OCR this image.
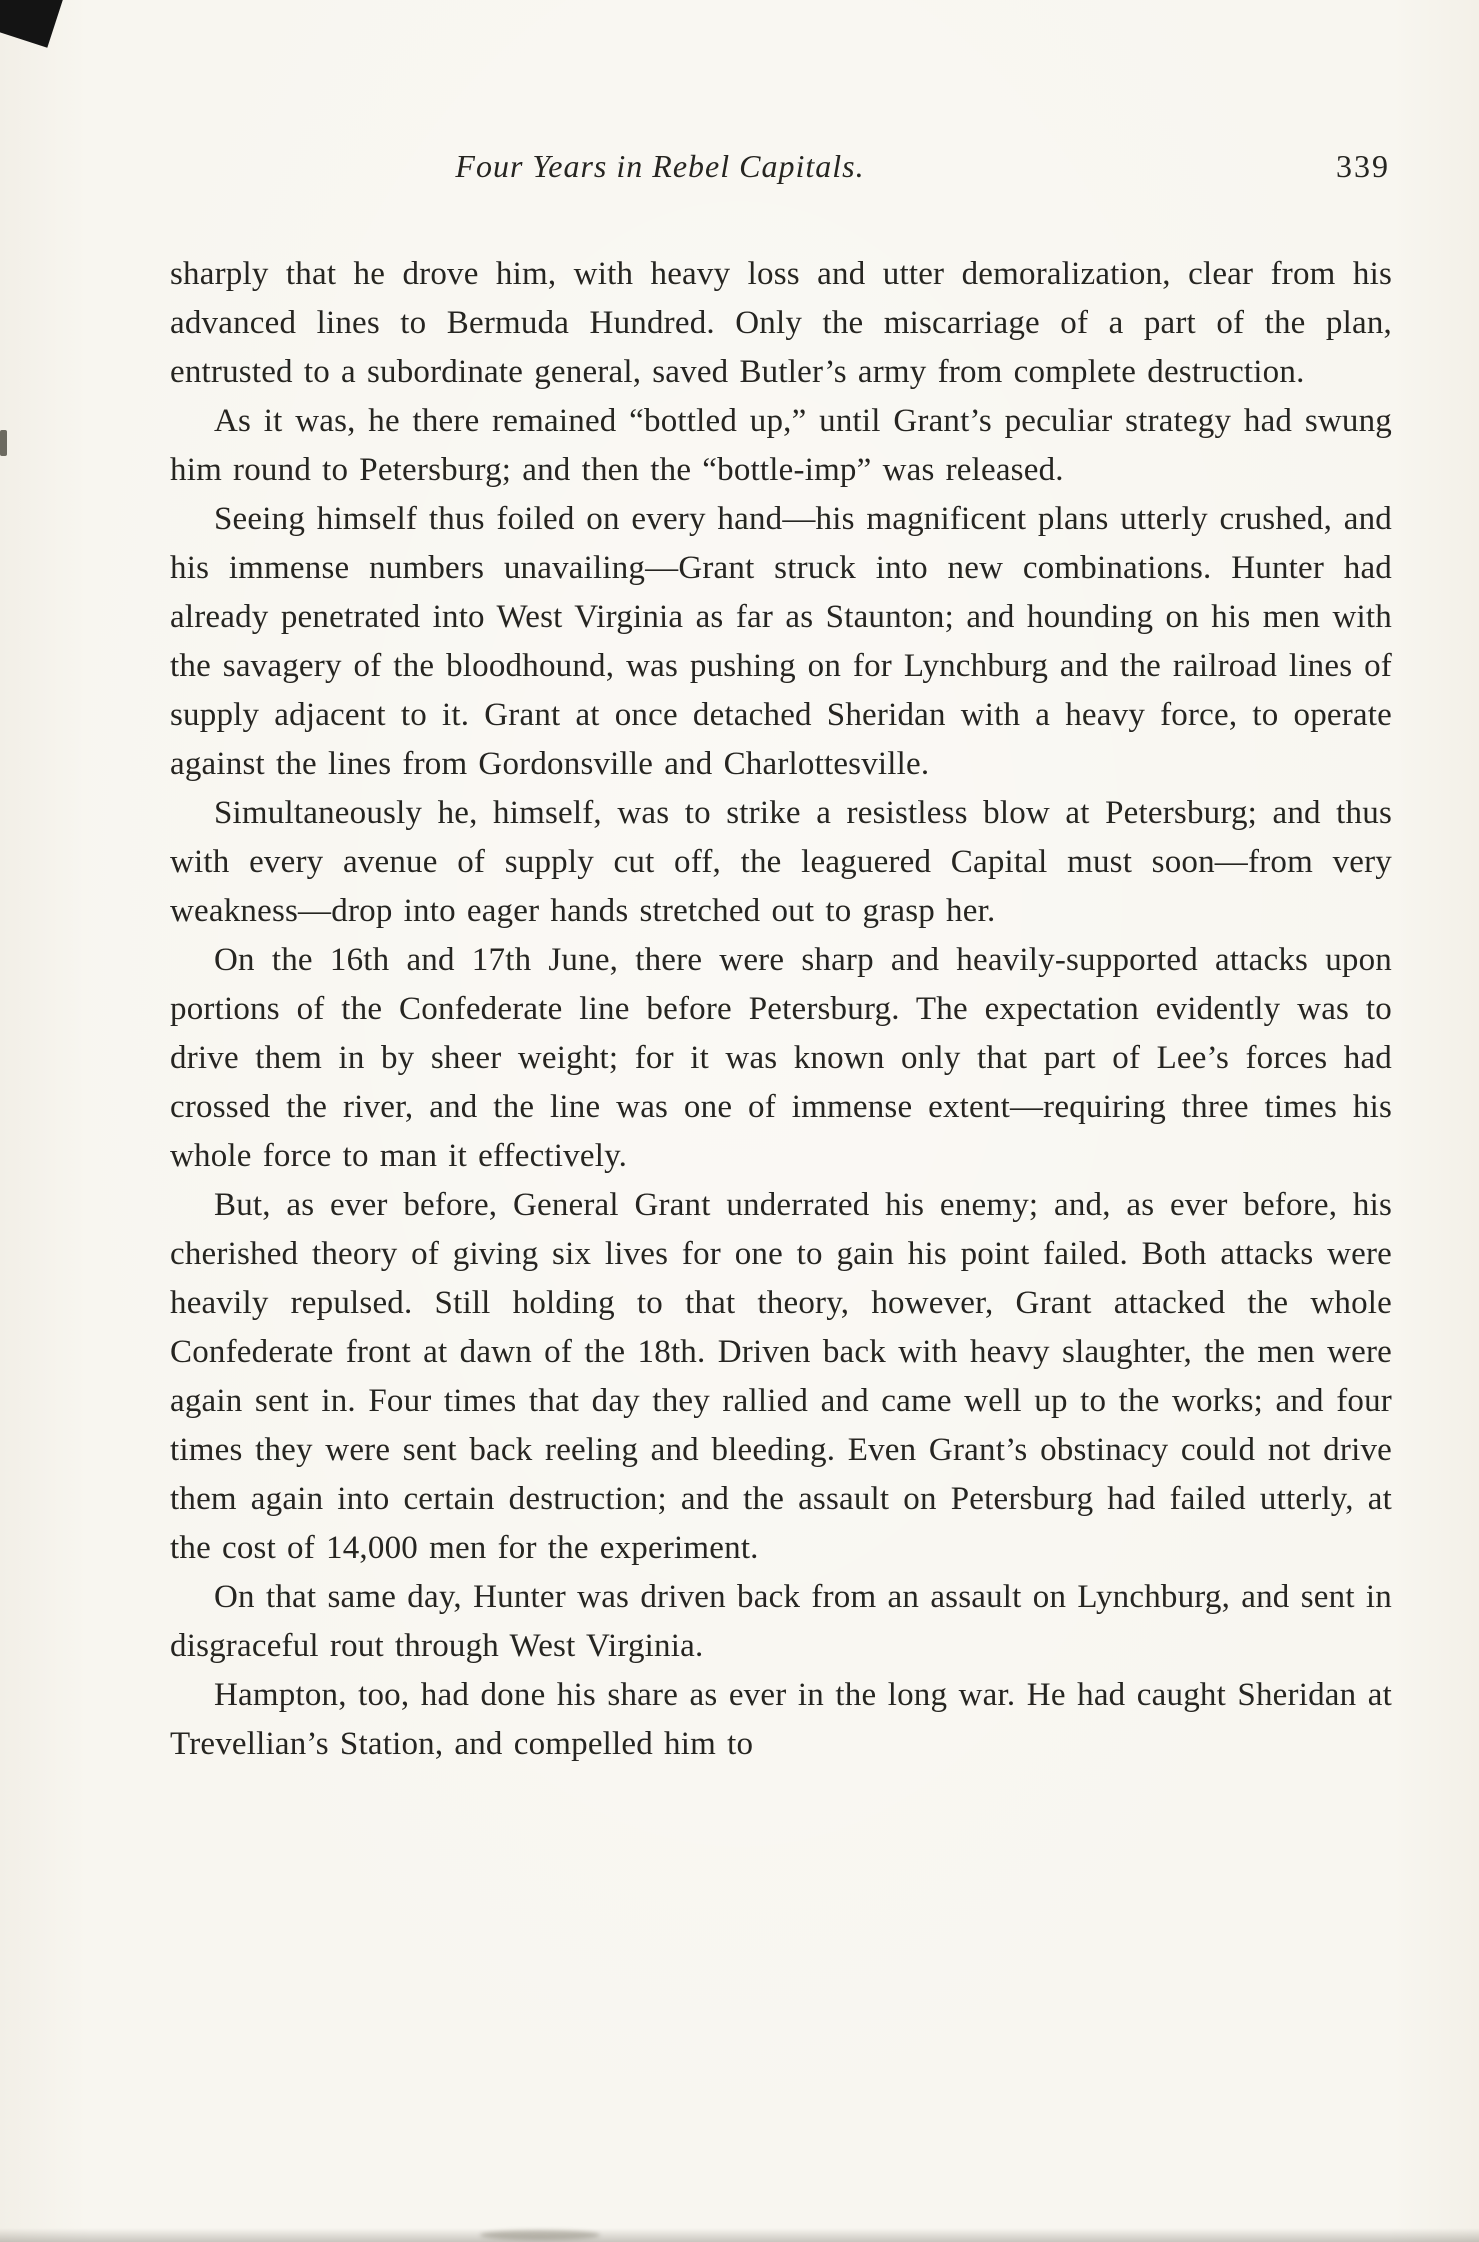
Four Years in Rebel Capitals.	339

sharply that he drove him, with heavy loss and utter demoralization, clear from his advanced lines to Bermuda Hundred. Only the miscarriage of a part of the plan, entrusted to a subordinate general, saved Butler’s army from complete destruction.

As it was, he there remained “bottled up,” until Grant’s peculiar strategy had swung him round to Petersburg; and then the “bottle-imp” was released.

Seeing himself thus foiled on every hand—his magnificent plans utterly crushed, and his immense numbers unavailing—Grant struck into new combinations. Hunter had already penetrated into West Virginia as far as Staunton; and hounding on his men with the savagery of the bloodhound, was pushing on for Lynchburg and the railroad lines of supply adjacent to it. Grant at once detached Sheridan with a heavy force, to operate against the lines from Gordonsville and Charlottesville.

Simultaneously he, himself, was to strike a resistless blow at Petersburg; and thus with every avenue of supply cut off, the leaguered Capital must soon—from very weakness—drop into eager hands stretched out to grasp her.

On the 16th and 17th June, there were sharp and heavily-supported attacks upon portions of the Confederate line before Petersburg. The expectation evidently was to drive them in by sheer weight; for it was known only that part of Lee’s forces had crossed the river, and the line was one of immense extent—requiring three times his whole force to man it effectively.

But, as ever before, General Grant underrated his enemy; and, as ever before, his cherished theory of giving six lives for one to gain his point failed. Both attacks were heavily repulsed. Still holding to that theory, however, Grant attacked the whole Confederate front at dawn of the 18th. Driven back with heavy slaughter, the men were again sent in. Four times that day they rallied and came well up to the works; and four times they were sent back reeling and bleeding. Even Grant’s obstinacy could not drive them again into certain destruction; and the assault on Petersburg had failed utterly, at the cost of 14,000 men for the experiment.

On that same day, Hunter was driven back from an assault on Lynchburg, and sent in disgraceful rout through West Virginia.

Hampton, too, had done his share as ever in the long war. He had caught Sheridan at Trevellian’s Station, and compelled him to
